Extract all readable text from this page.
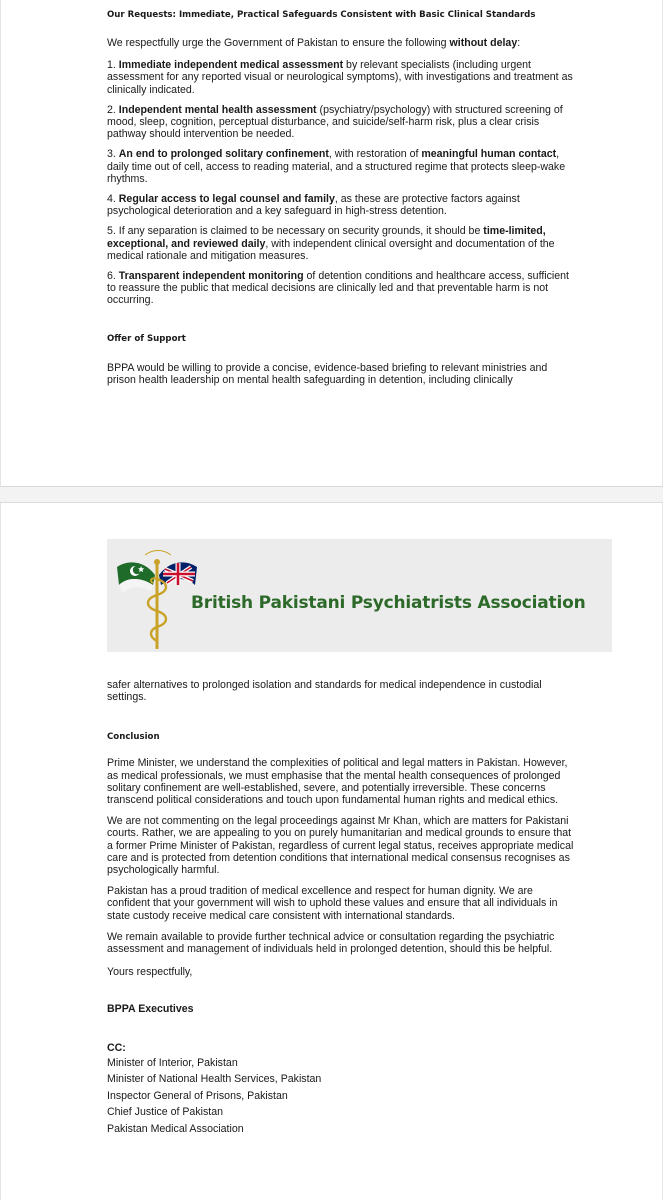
Our Requests: Immediate, Practical Safeguards Consistent with Basic Clinical Standards

We respectfully urge the Government of Pakistan to ensure the following without delay:

1. Immediate independent medical assessment by relevant specialists (including urgent assessment for any reported visual or neurological symptoms), with investigations and treatment as clinically indicated.
2. Independent mental health assessment (psychiatry/psychology) with structured screening of mood, sleep, cognition, perceptual disturbance, and suicide/self-harm risk, plus a clear crisis pathway should intervention be needed.
3. An end to prolonged solitary confinement, with restoration of meaningful human contact, daily time out of cell, access to reading material, and a structured regime that protects sleep-wake rhythms.
4. Regular access to legal counsel and family, as these are protective factors against psychological deterioration and a key safeguard in high-stress detention.
5. If any separation is claimed to be necessary on security grounds, it should be time-limited, exceptional, and reviewed daily, with independent clinical oversight and documentation of the medical rationale and mitigation measures.
6. Transparent independent monitoring of detention conditions and healthcare access, sufficient to reassure the public that medical decisions are clinically led and that preventable harm is not occurring.
Offer of Support

BPPA would be willing to provide a concise, evidence-based briefing to relevant ministries and prison health leadership on mental health safeguarding in detention, including clinically

British Pakistani Psychiatrists Association

safer alternatives to prolonged isolation and standards for medical independence in custodial settings.

Conclusion

Prime Minister, we understand the complexities of political and legal matters in Pakistan. However, as medical professionals, we must emphasise that the mental health consequences of prolonged solitary confinement are well-established, severe, and potentially irreversible. These concerns transcend political considerations and touch upon fundamental human rights and medical ethics.

We are not commenting on the legal proceedings against Mr Khan, which are matters for Pakistani courts. Rather, we are appealing to you on purely humanitarian and medical grounds to ensure that a former Prime Minister of Pakistan, regardless of current legal status, receives appropriate medical care and is protected from detention conditions that international medical consensus recognises as psychologically harmful.

Pakistan has a proud tradition of medical excellence and respect for human dignity. We are confident that your government will wish to uphold these values and ensure that all individuals in state custody receive medical care consistent with international standards.

We remain available to provide further technical advice or consultation regarding the psychiatric assessment and management of individuals held in prolonged detention, should this be helpful.

Yours respectfully,

BPPA Executives

CC:

Minister of Interior, Pakistan
Minister of National Health Services, Pakistan
Inspector General of Prisons, Pakistan
Chief Justice of Pakistan
Pakistan Medical Association
